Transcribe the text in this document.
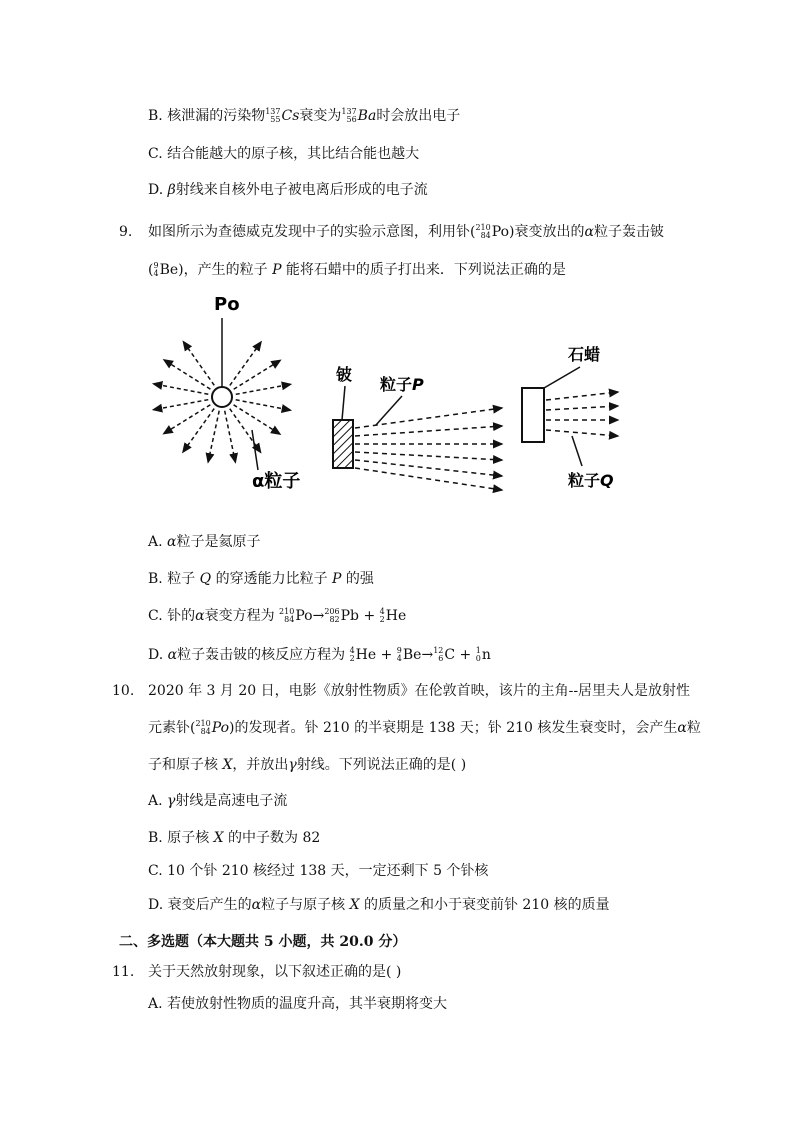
B. 核泄漏的污染物 137
55 Cs衰变为 137
56 Ba时会放出电子
C. 结合能越大的原子核，其比结合能也越大
D. β射线来自核外电子被电离后形成的电子流
9. 如图所示为查德威克发现中子的实验示意图，利用钋( 210
84 Po)衰变放出的α粒子轰击铍
( 9
4 Be)，产生的粒子 P 能将石蜡中的质子打出来．下列说法正确的是
Po
α粒子
铍
粒子P
石蜡
粒子Q
A. α粒子是氦原子
B. 粒子 Q 的穿透能力比粒子 P 的强
C. 钋的α衰变方程为 210
84 Po→ 206
82 Pb + 4
2 He
D. α粒子轰击铍的核反应方程为 4
2 He + 9
4 Be→ 12
6 C + 1
0 n
10. 2020 年 3 月 20 日，电影《放射性物质》在伦敦首映，该片的主角--居里夫人是放射性
元素钋( 210
84 Po)的发现者。钋 210 的半衰期是 138 天；钋 210 核发生衰变时，会产生α粒
子和原子核 X，并放出γ射线。下列说法正确的是( )
A. γ射线是高速电子流
B. 原子核 X 的中子数为 82
C. 10 个钋 210 核经过 138 天，一定还剩下 5 个钋核
D. 衰变后产生的α粒子与原子核 X 的质量之和小于衰变前钋 210 核的质量
二、多选题（本大题共 5 小题，共 20.0 分）
11. 关于天然放射现象，以下叙述正确的是( )
A. 若使放射性物质的温度升高，其半衰期将变大
